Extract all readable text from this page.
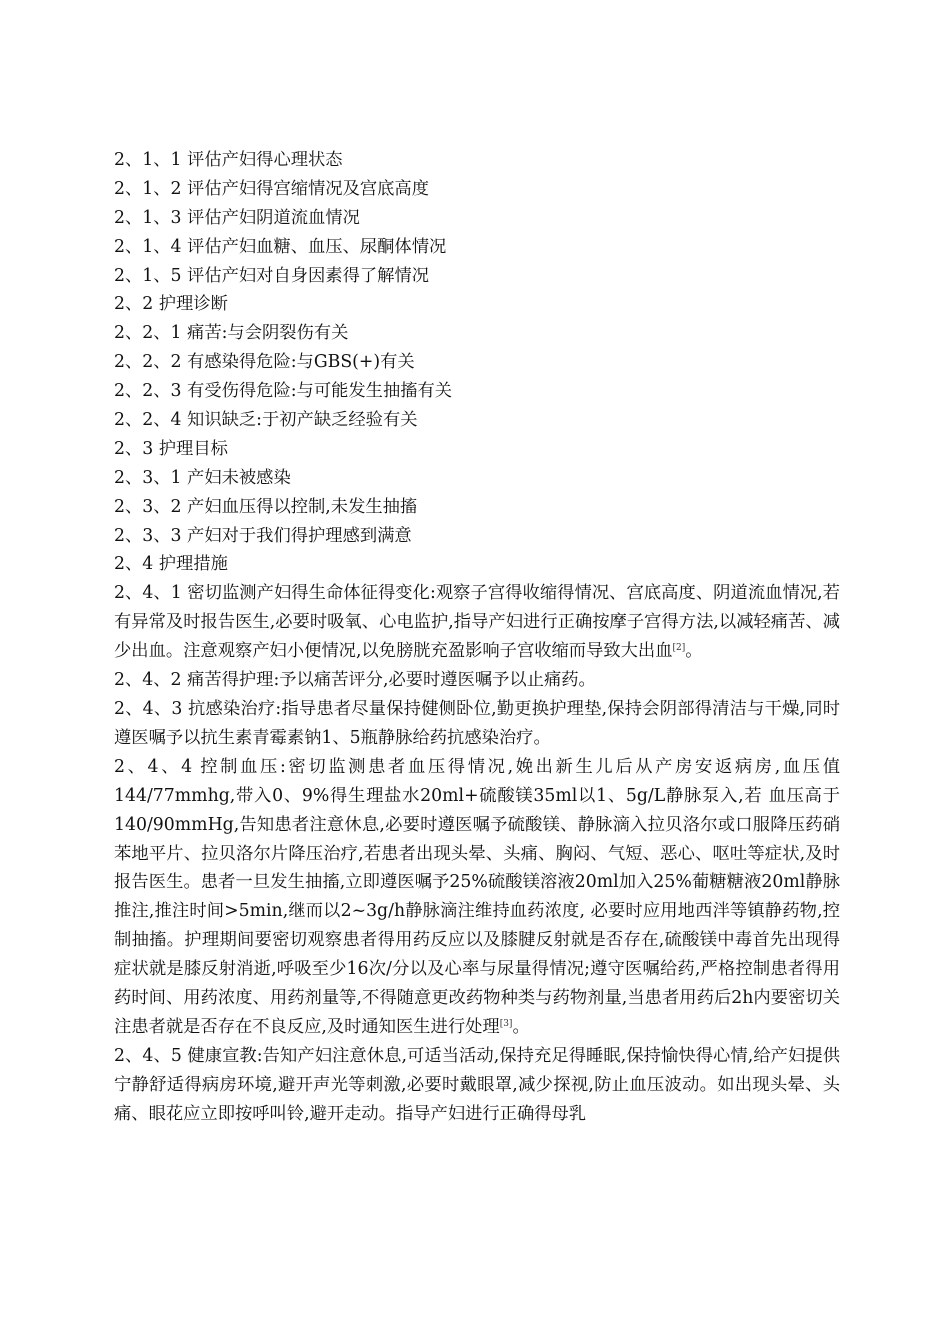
2、1、1 评估产妇得心理状态
2、1、2 评估产妇得宫缩情况及宫底高度
2、1、3 评估产妇阴道流血情况
2、1、4 评估产妇血糖、血压、尿酮体情况
2、1、5 评估产妇对自身因素得了解情况
2、2 护理诊断
2、2、1 痛苦:与会阴裂伤有关
2、2、2 有感染得危险:与GBS(+)有关
2、2、3 有受伤得危险:与可能发生抽搐有关
2、2、4 知识缺乏:于初产缺乏经验有关
2、3 护理目标
2、3、1 产妇未被感染
2、3、2 产妇血压得以控制,未发生抽搐
2、3、3 产妇对于我们得护理感到满意
2、4 护理措施
2、4、1 密切监测产妇得生命体征得变化:观察子宫得收缩得情况、宫底高度、阴道流血情况,若有异常及时报告医生,必要时吸氧、心电监护,指导产妇进行正确按摩子宫得方法,以减轻痛苦、减少出血。注意观察产妇小便情况,以免膀胱充盈影响子宫收缩而导致大出血[2]。
2、4、2 痛苦得护理:予以痛苦评分,必要时遵医嘱予以止痛药。
2、4、3 抗感染治疗:指导患者尽量保持健侧卧位,勤更换护理垫,保持会阴部得清洁与干燥,同时遵医嘱予以抗生素青霉素钠1、5瓶静脉给药抗感染治疗。
2、4、4 控制血压:密切监测患者血压得情况,娩出新生儿后从产房安返病房,血压值144/77mmhg,带入0、9%得生理盐水20ml+硫酸镁35ml以1、5g/L静脉泵入,若 血压高于140/90mmHg,告知患者注意休息,必要时遵医嘱予硫酸镁、静脉滴入拉贝洛尔或口服降压药硝苯地平片、拉贝洛尔片降压治疗,若患者出现头晕、头痛、胸闷、气短、恶心、呕吐等症状,及时报告医生。患者一旦发生抽搐,立即遵医嘱予25%硫酸镁溶液20ml加入25%葡糖糖液20ml静脉推注,推注时间>5min,继而以2~3g/h静脉滴注维持血药浓度, 必要时应用地西泮等镇静药物,控制抽搐。护理期间要密切观察患者得用药反应以及膝腱反射就是否存在,硫酸镁中毒首先出现得症状就是膝反射消逝,呼吸至少16次/分以及心率与尿量得情况;遵守医嘱给药,严格控制患者得用药时间、用药浓度、用药剂量等,不得随意更改药物种类与药物剂量,当患者用药后2h内要密切关注患者就是否存在不良反应,及时通知医生进行处理[3]。
2、4、5 健康宣教:告知产妇注意休息,可适当活动,保持充足得睡眠,保持愉快得心情,给产妇提供宁静舒适得病房环境,避开声光等刺激,必要时戴眼罩,减少探视,防止血压波动。如出现头晕、头痛、眼花应立即按呼叫铃,避开走动。指导产妇进行正确得母乳
